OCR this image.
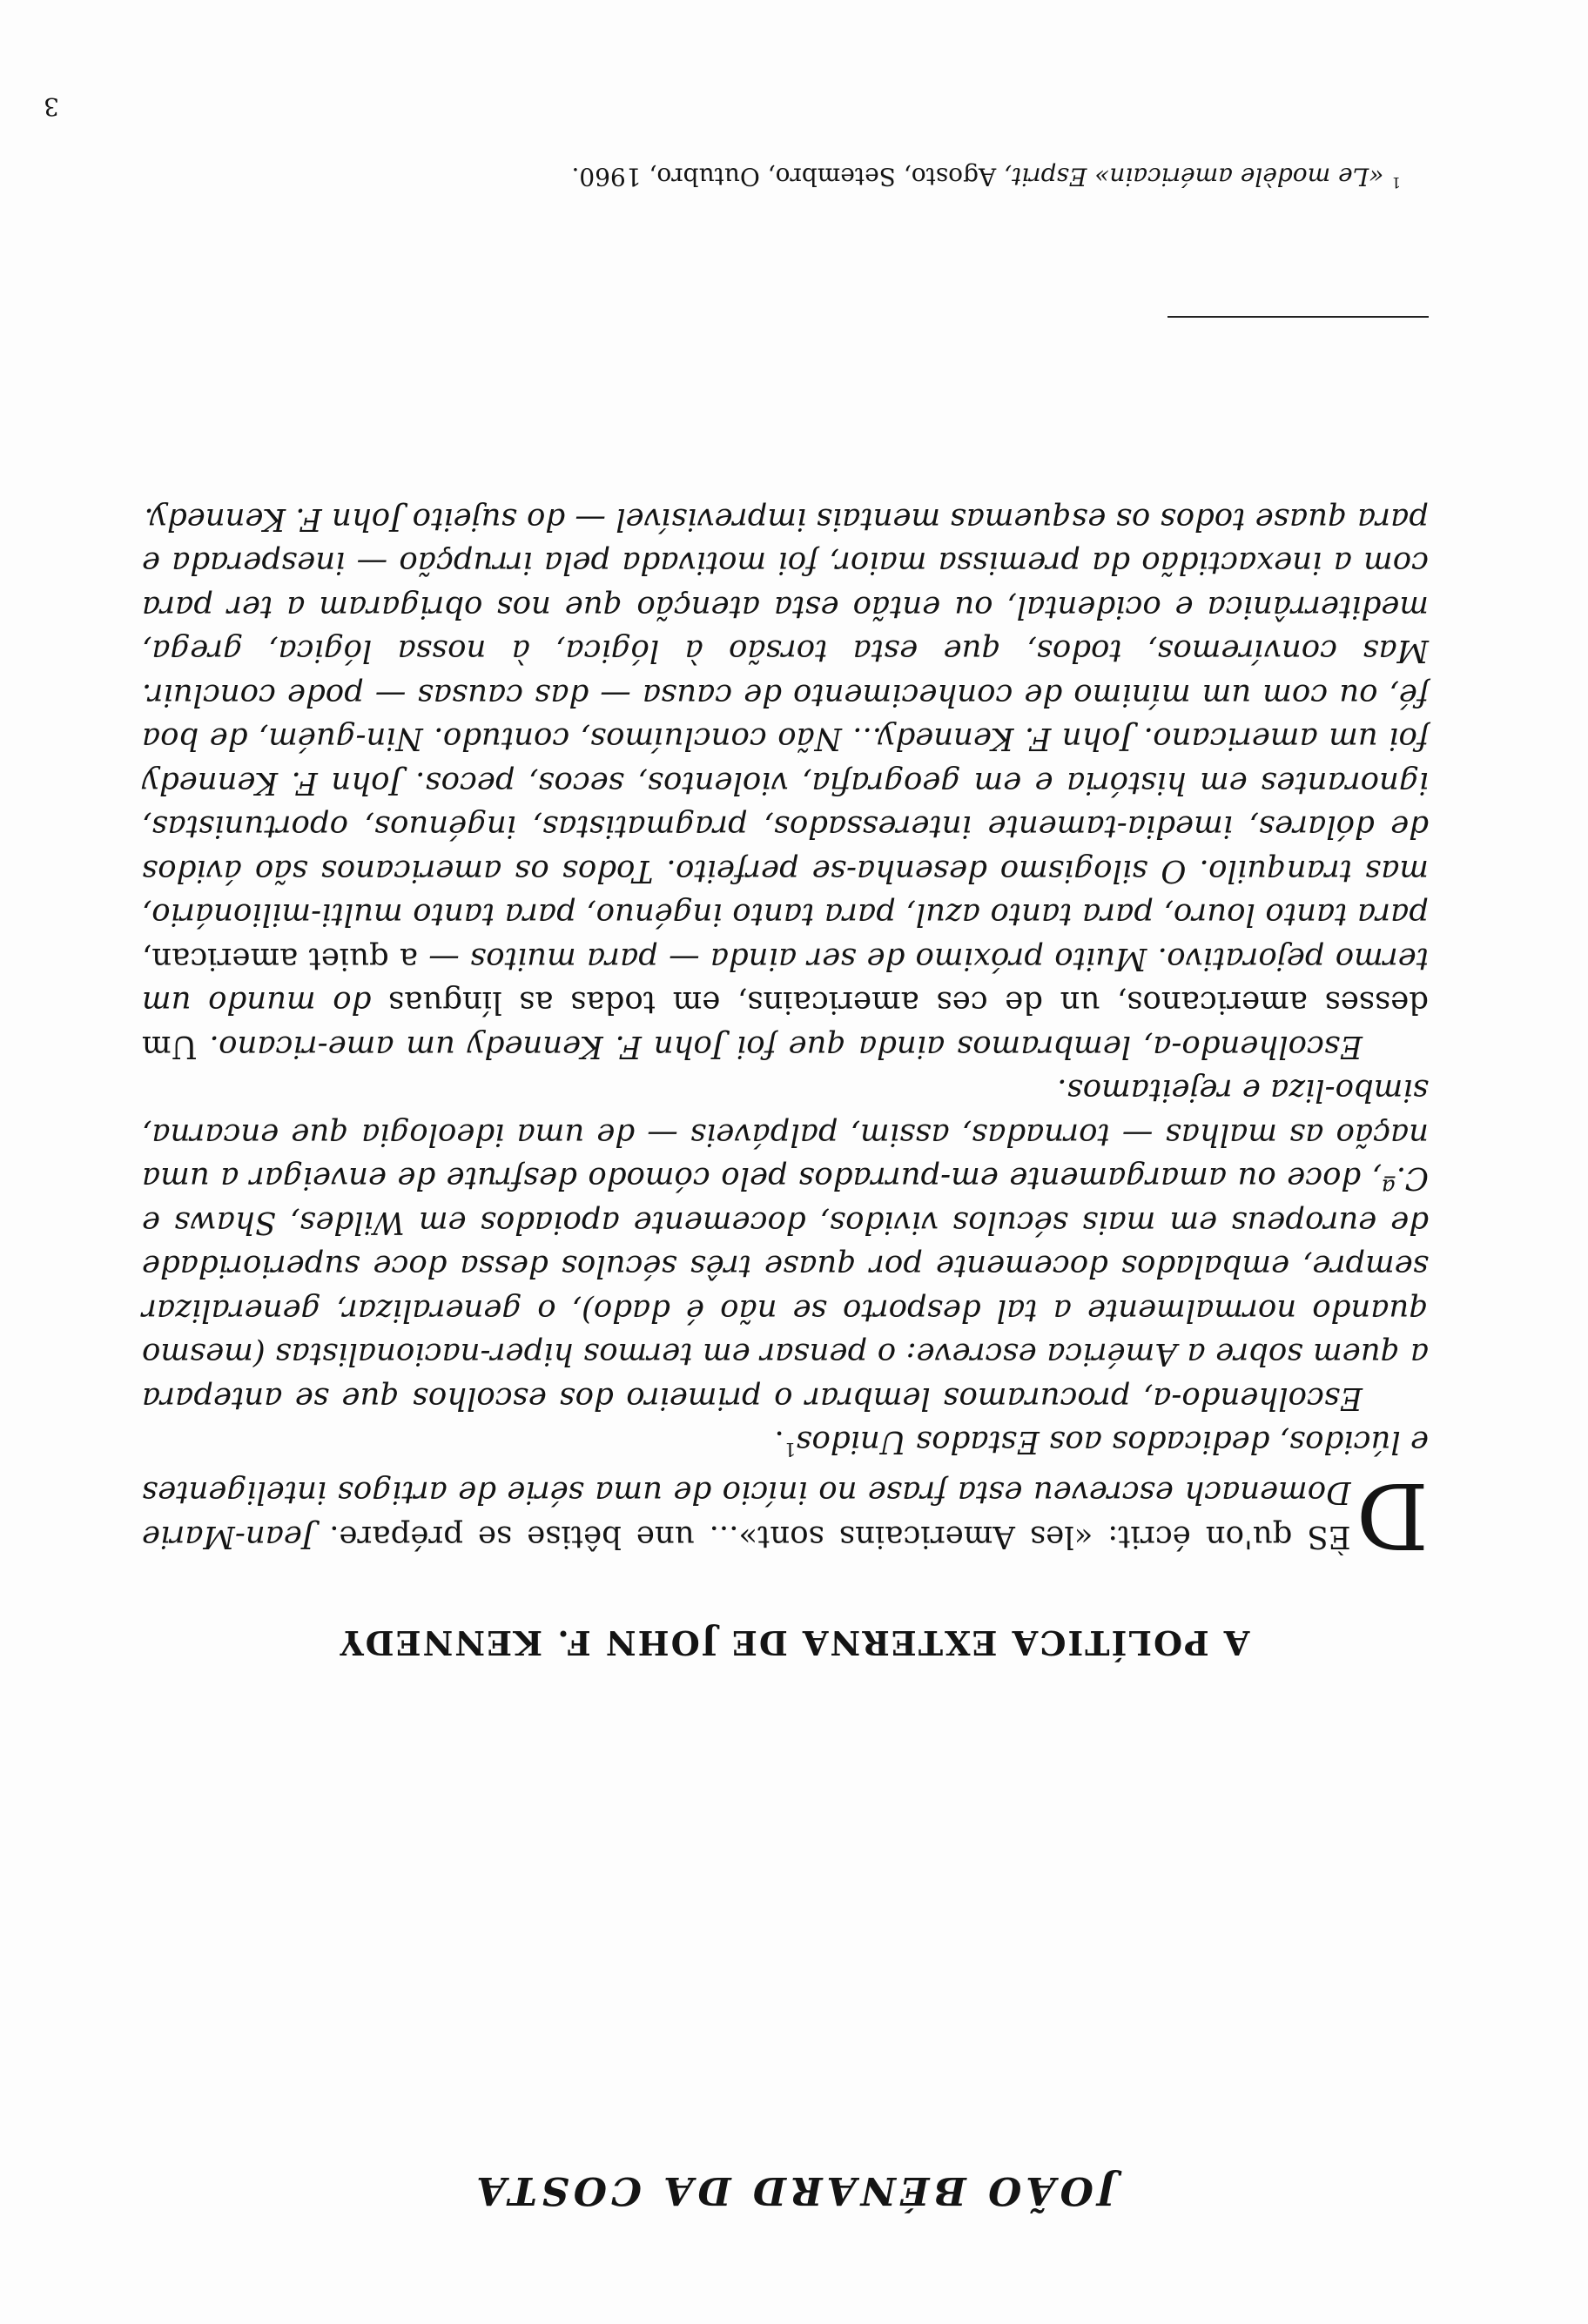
JOÃO BÉNARD DA COSTA
A POLÍTICA EXTERNA DE JOHN F. KENNEDY

D
ÈS qu'on écrit: «les Americains sont»... une bêtise se prépare. Jean-Marie Domenach escreveu esta frase no início de uma série de artigos inteligentes e lúcidos, dedicados aos Estados Unidos$^1$.

Escolhendo-a, procuramos lembrar o primeiro dos escolhos que se antepara a quem sobre a América escreve: o pensar em termos hiper-nacionalistas (mesmo quando normalmente a tal desporto se não é dado), o generalizar, generalizar sempre, embalados docemente por quase três séculos dessa doce superioridade de europeus em mais séculos vividos, docemente apoiados em Wildes, Shaws e C.ª, doce ou amargamente em-purrados pelo cómodo desfrute de enveigar a uma nação as malhas — tornadas, assim, palpáveis — de uma ideologia que encarna, simbo-liza e rejeitamos.

Escolhendo-a, lembramos ainda que foi John F. Kennedy um ame-ricano. Um desses americanos, un de ces americains, em todas as línguas do mundo um termo pejorativo. Muito próximo de ser ainda — para muitos — a quiet american, para tanto louro, para tanto azul, para tanto ingénuo, para tanto multi-milionário, mas tranquilo. O silogismo desenha-se perfeito. Todos os americanos são ávidos de dólares, imedia-tamente interessados, pragmatistas, ingénuos, oportunistas, ignorantes em história e em geografia, violentos, secos, pecos. John F. Kennedy foi um americano. John F. Kennedy... Não concluímos, contudo. Nin-guém, de boa fé, ou com um mínimo de conhecimento de causa — das causas — pode concluir. Mas convíremos, todos, que esta torsão à lógica, à nossa lógica, grega, mediterrânica e ocidental, ou então esta atenção que nos obrigaram a ter para com a inexactidão da premissa maior, foi motivada pela irrupção — inesperada e para quase todos os esquemas mentais imprevisível — do sujeito John F. Kennedy.

$^1$ «Le modèle américain» Esprit, Agosto, Setembro, Outubro, 1960.
3
